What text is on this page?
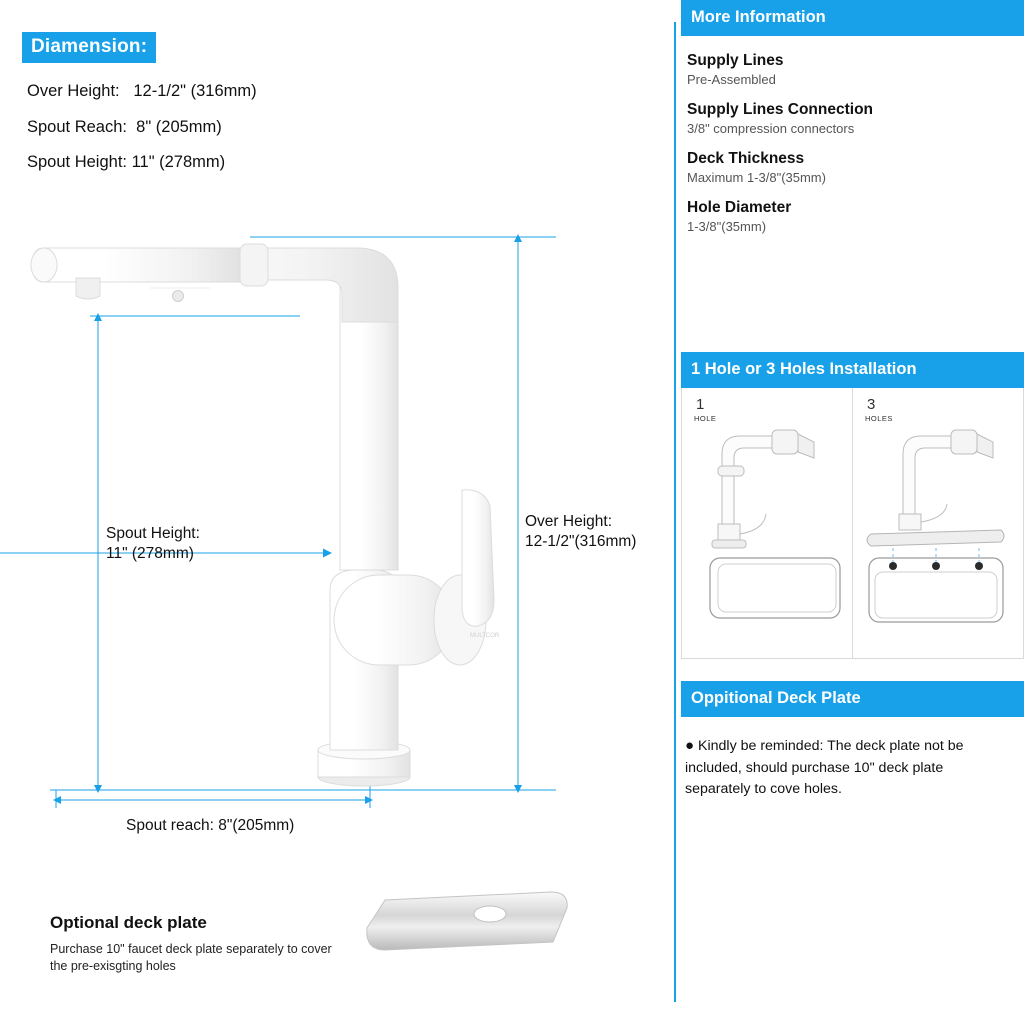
Diamension:
Over Height:   12-1/2" (316mm)
Spout Reach:  8" (205mm)
Spout Height: 11" (278mm)
MULTCOR
Spout Height:
11" (278mm)
Over Height:
12-1/2"(316mm)
Spout reach: 8"(205mm)
Optional deck plate
Purchase 10" faucet deck plate separately to cover the pre-exisgting holes
More Information

Supply Lines

Pre-Assembled

Supply Lines Connection

3/8" compression connectors

Deck Thickness

Maximum 1-3/8"(35mm)

Hole Diameter

1-3/8"(35mm)

1 Hole or 3 Holes Installation
1
HOLE
3
HOLES
Oppitional Deck Plate
● Kindly be reminded: The deck plate not be included, should purchase 10" deck plate separately to cove holes.
